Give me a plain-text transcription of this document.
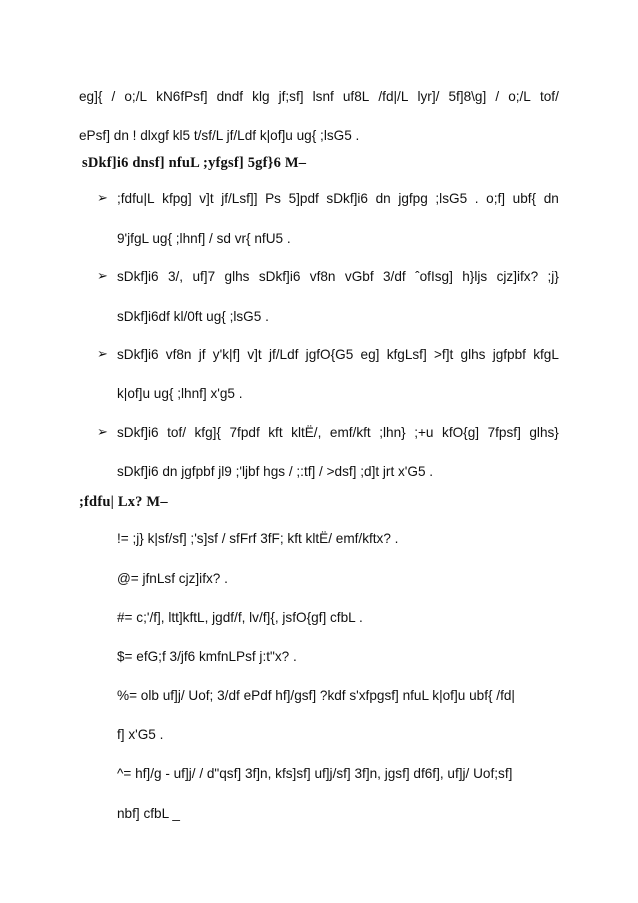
eg]{ / o;/L kN6fPsf] dndf klg jf;sf] lsnf uf8L /fd|/L lyr]/ 5f]8\g] / o;/L tof/
ePsf] dn ! dlxgf kl5 t/sf/L jf/Ldf k|of]u ug{ ;lsG5 .
sDkf]i6 dnsf] nfuL ;yfgsf] 5gf}6 M–
➢ ;fdfu|L kfpg] v]t jf/Lsf]] Ps 5]pdf sDkf]i6 dn jgfpg ;lsG5 . o;f] ubf{ dn
9'jfgL ug{ ;lhnf] / sd vr{ nfU5 .
➢ sDkf]i6 3/, uf]7 glhs sDkf]i6 vf8n vGbf 3/df ˆofIsg] h}ljs cjz]ifx? ;j}
sDkf]i6df kl/0ft ug{ ;lsG5 .
➢ sDkf]i6 vf8n jf y'k|f] v]t jf/Ldf jgfO{G5 eg] kfgLsf] >f]t glhs jgfpbf kfgL
k|of]u ug{ ;lhnf] x'g5 .
➢ sDkf]i6 tof/ kfg]{ 7fpdf kft kltË/, emf/kft ;lhn} ;+u kfO{g] 7fpsf] glhs}
sDkf]i6 dn jgfpbf jl9 ;'ljbf hgs / ;:tf] / >dsf] ;d]t jrt x'G5 .
;fdfu| Lx? M–
!= ;j} k|sf/sf] ;'s]sf / sfFrf 3fF; kft kltË/ emf/kftx? .
@= jfnLsf cjz]ifx? .
#= c;'/f], ltt]kftL, jgdf/f, lv/f]{, jsfO{gf] cfbL .
$= efG;f 3/jf6 kmfnLPsf j:t"x? .
%= olb uf]j/ Uof; 3/df ePdf hf]/gsf] ?kdf s'xfpgsf] nfuL k|of]u ubf{ /fd|
f] x'G5 .
^= hf]/g - uf]j/ / d"qsf] 3f]n, kfs]sf] uf]j/sf] 3f]n, jgsf] df6f], uf]j/ Uof;sf]
nbf] cfbL _
